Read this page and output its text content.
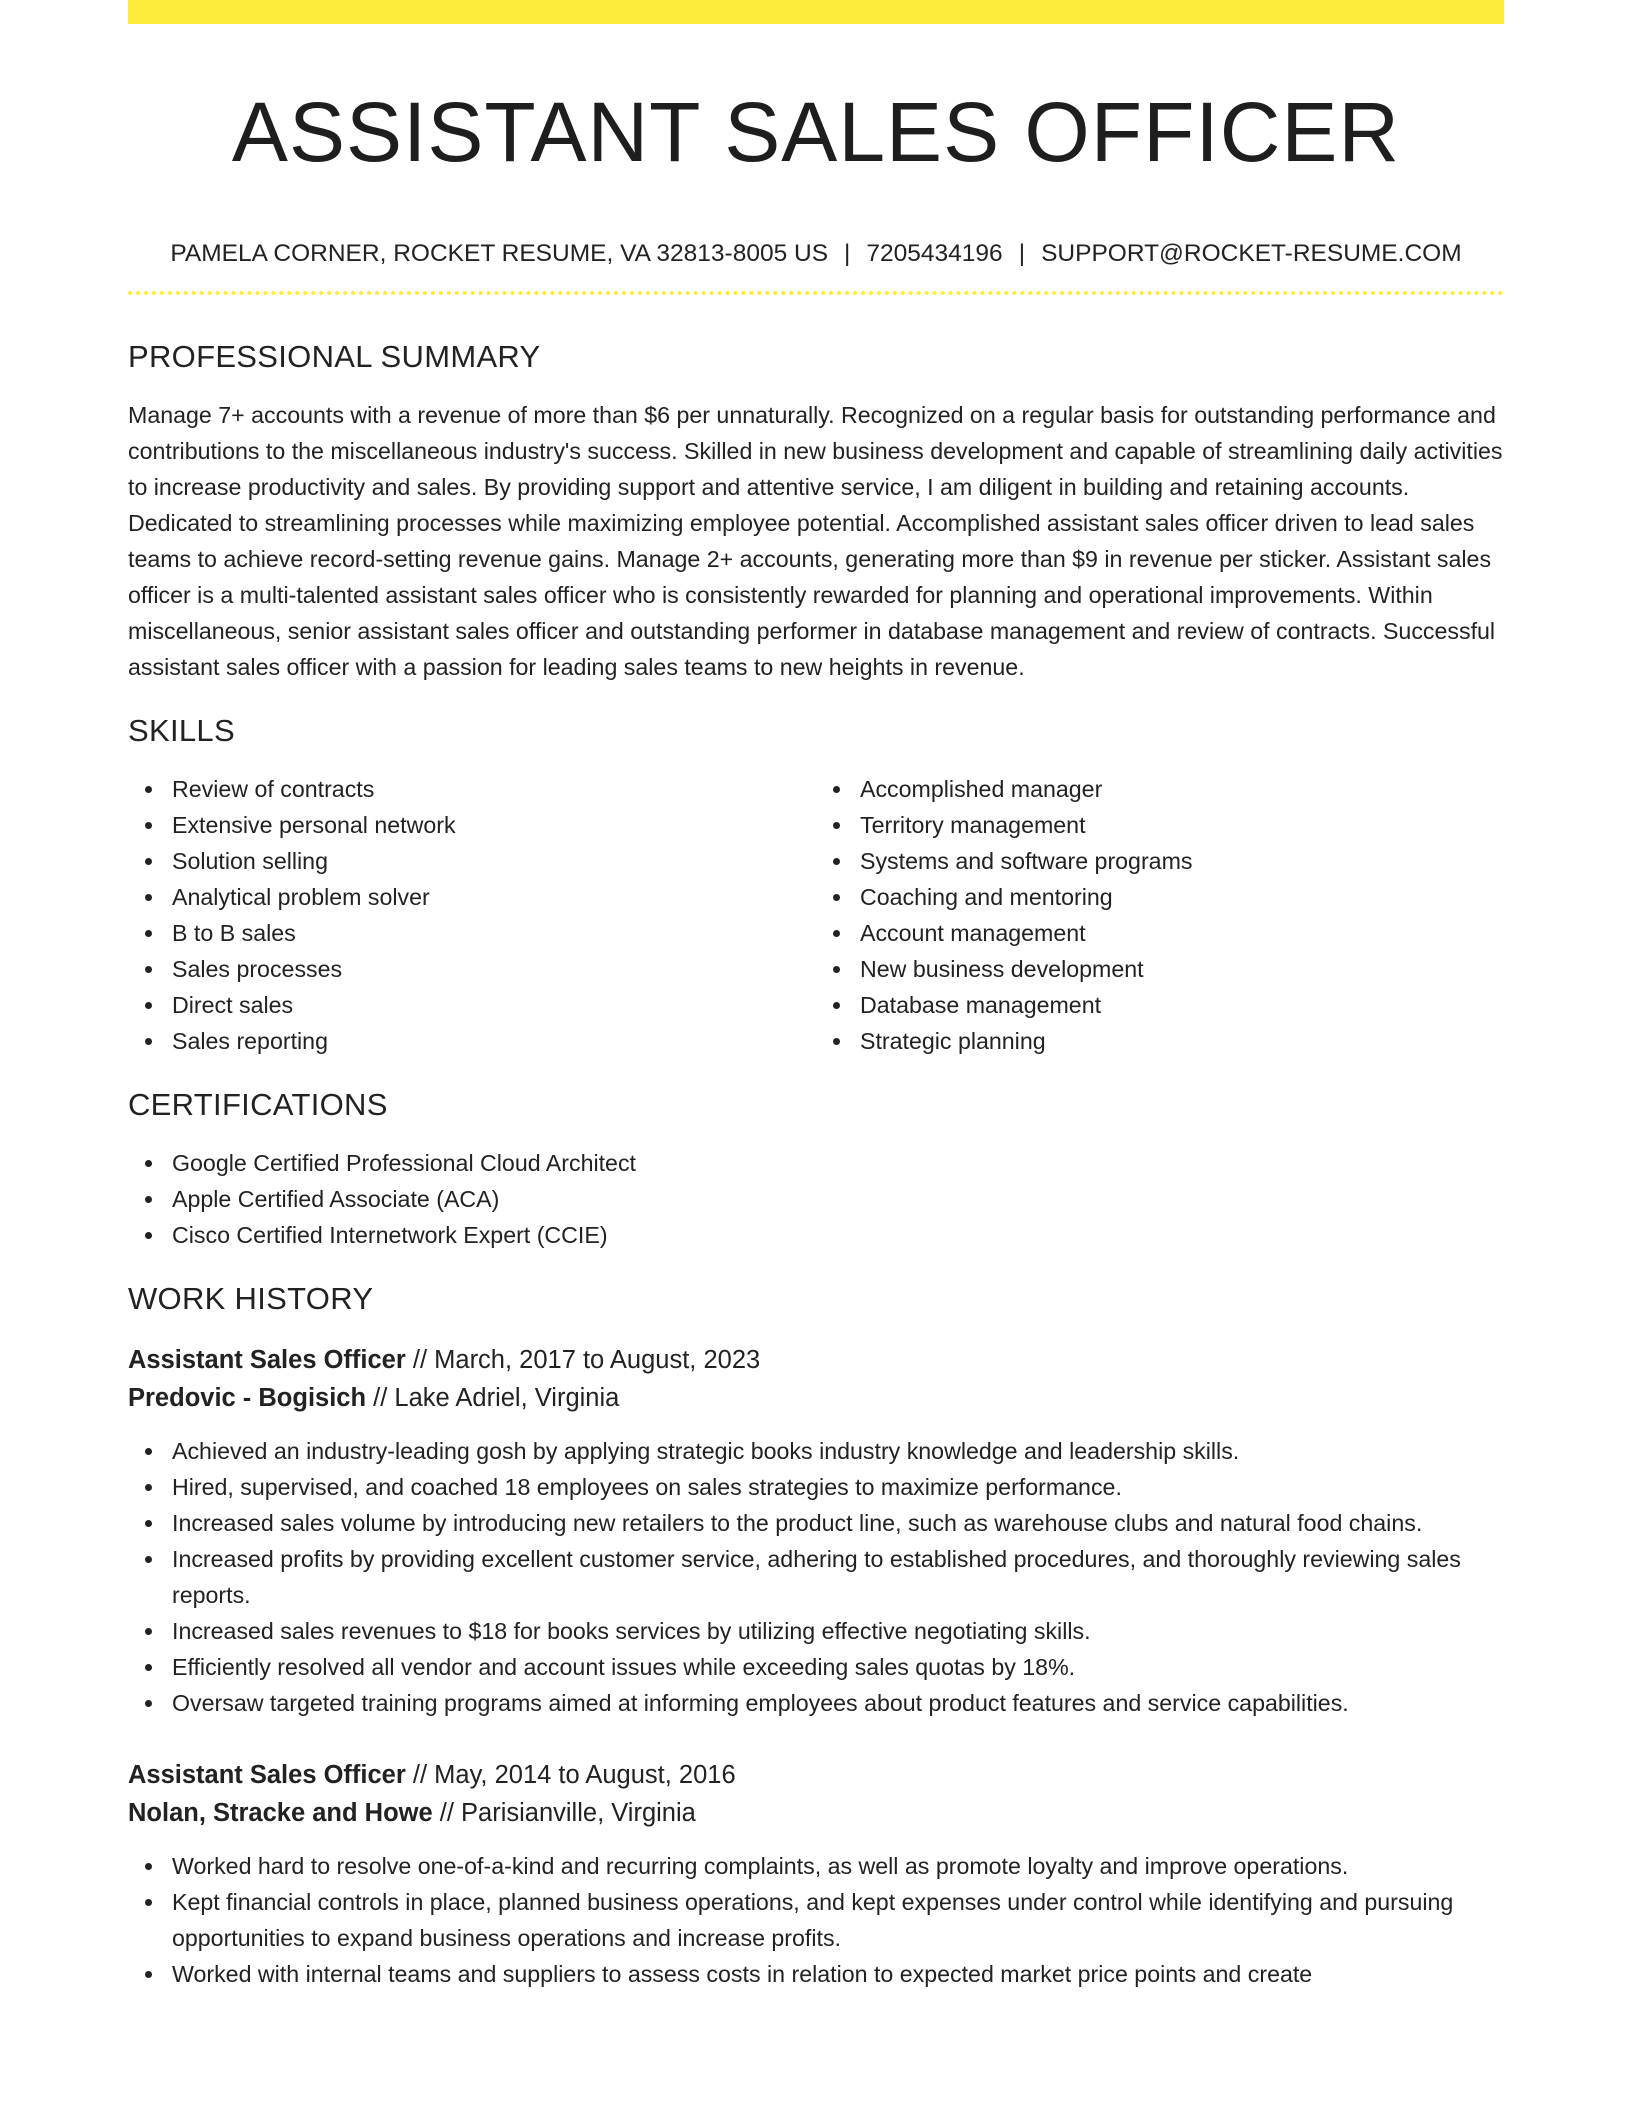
ASSISTANT SALES OFFICER
PAMELA CORNER, ROCKET RESUME, VA 32813-8005 US | 7205434196 | SUPPORT@ROCKET-RESUME.COM
PROFESSIONAL SUMMARY

Manage 7+ accounts with a revenue of more than $6 per unnaturally. Recognized on a regular basis for outstanding performance and contributions to the miscellaneous industry's success. Skilled in new business development and capable of streamlining daily activities to increase productivity and sales. By providing support and attentive service, I am diligent in building and retaining accounts. Dedicated to streamlining processes while maximizing employee potential. Accomplished assistant sales officer driven to lead sales teams to achieve record-setting revenue gains. Manage 2+ accounts, generating more than $9 in revenue per sticker. Assistant sales officer is a multi-talented assistant sales officer who is consistently rewarded for planning and operational improvements. Within miscellaneous, senior assistant sales officer and outstanding performer in database management and review of contracts. Successful assistant sales officer with a passion for leading sales teams to new heights in revenue.

SKILLS
Review of contracts
Extensive personal network
Solution selling
Analytical problem solver
B to B sales
Sales processes
Direct sales
Sales reporting
Accomplished manager
Territory management
Systems and software programs
Coaching and mentoring
Account management
New business development
Database management
Strategic planning
CERTIFICATIONS
Google Certified Professional Cloud Architect
Apple Certified Associate (ACA)
Cisco Certified Internetwork Expert (CCIE)
WORK HISTORY
Assistant Sales Officer // March, 2017 to August, 2023
Predovic - Bogisich // Lake Adriel, Virginia
Achieved an industry-leading gosh by applying strategic books industry knowledge and leadership skills.
Hired, supervised, and coached 18 employees on sales strategies to maximize performance.
Increased sales volume by introducing new retailers to the product line, such as warehouse clubs and natural food chains.
Increased profits by providing excellent customer service, adhering to established procedures, and thoroughly reviewing sales reports.
Increased sales revenues to $18 for books services by utilizing effective negotiating skills.
Efficiently resolved all vendor and account issues while exceeding sales quotas by 18%.
Oversaw targeted training programs aimed at informing employees about product features and service capabilities.
Assistant Sales Officer // May, 2014 to August, 2016
Nolan, Stracke and Howe // Parisianville, Virginia
Worked hard to resolve one-of-a-kind and recurring complaints, as well as promote loyalty and improve operations.
Kept financial controls in place, planned business operations, and kept expenses under control while identifying and pursuing opportunities to expand business operations and increase profits.
Worked with internal teams and suppliers to assess costs in relation to expected market price points and create
